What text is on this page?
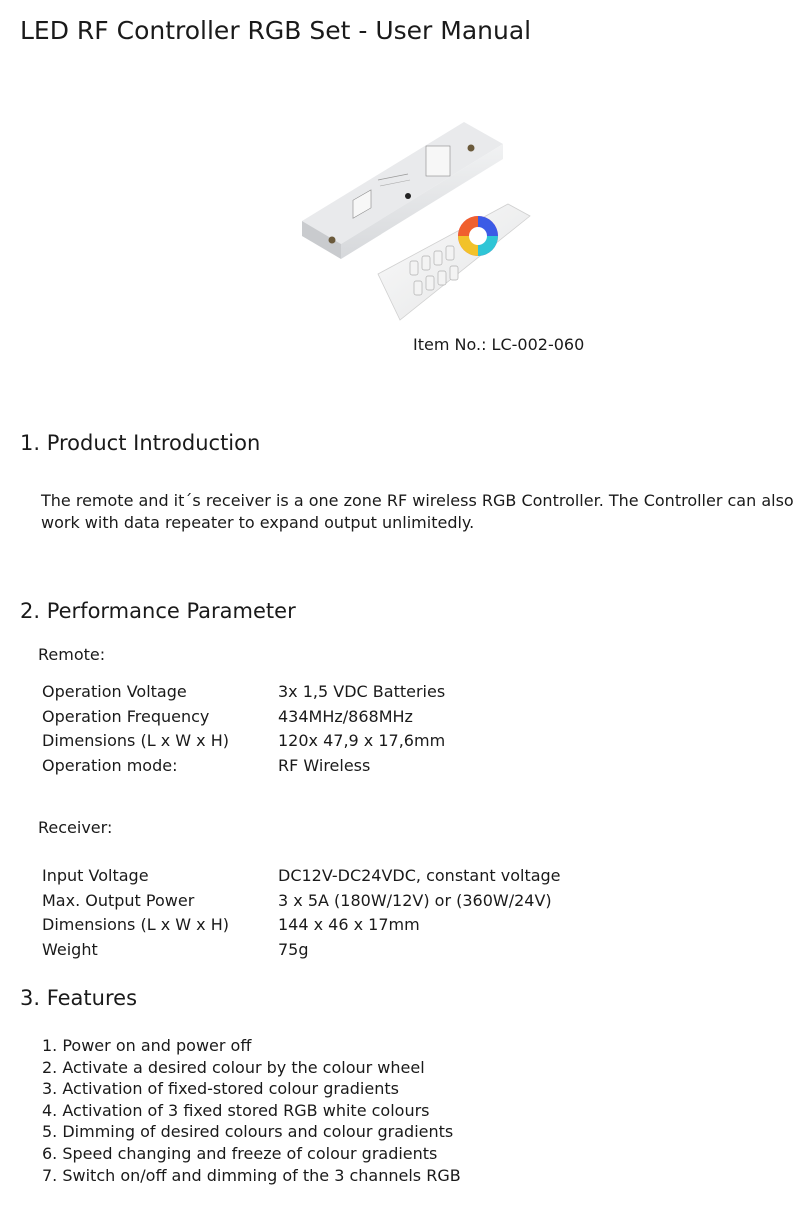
LED RF Controller RGB Set - User Manual
Item No.: LC-002-060
1. Product Introduction
The remote and it´s receiver is a one zone RF wireless RGB Controller. The Controller can also
work with data repeater to expand output unlimitedly.
2. Performance Parameter
Remote:
Operation Voltage	3x 1,5 VDC Batteries
Operation Frequency	434MHz/868MHz
Dimensions (L x W x H)	120x 47,9 x 17,6mm
Operation mode:	RF Wireless
Receiver:
Input Voltage	DC12V-DC24VDC, constant voltage
Max. Output Power	3 x 5A (180W/12V) or (360W/24V)
Dimensions (L x W x H)	144 x 46 x 17mm
Weight	75g
3. Features
1. Power on and power off
2. Activate a desired colour by the colour wheel
3. Activation of fixed-stored colour gradients
4. Activation of 3 fixed stored RGB white colours
5. Dimming of desired colours and colour gradients
6. Speed changing and freeze of colour gradients
7. Switch on/off and dimming of the 3 channels RGB
